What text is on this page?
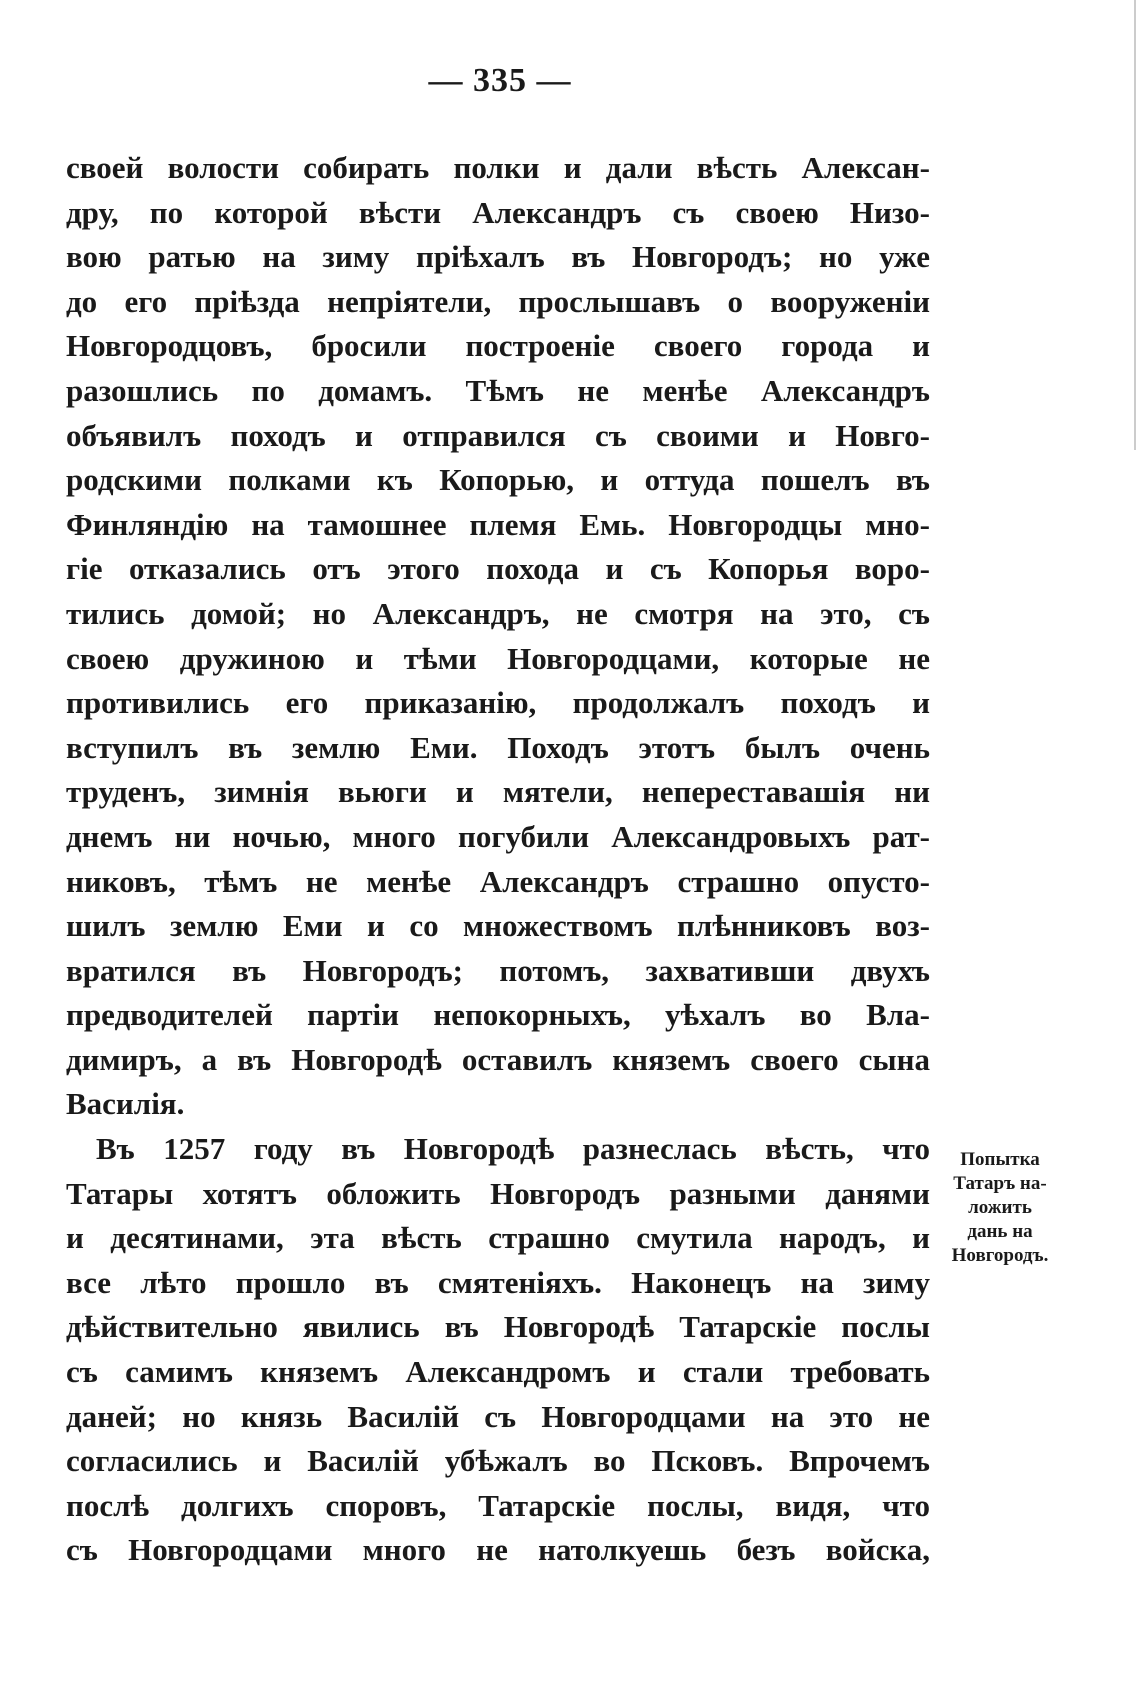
— 335 —
своей волости собирать полки и дали вѣсть Алексан-
дру, по которой вѣсти Александръ съ своею Низо-
вою ратью на зиму пріѣхалъ въ Новгородъ; но уже
до его пріѣзда непріятели, прослышавъ о вооруженіи
Новгородцовъ, бросили построеніе своего города и
разошлись по домамъ. Тѣмъ не менѣе Александръ
объявилъ походъ и отправился съ своими и Новго-
родскими полками къ Копорью, и оттуда пошелъ въ
Финляндію на тамошнее племя Емь. Новгородцы мно-
гіе отказались отъ этого похода и съ Копорья воро-
тились домой; но Александръ, не смотря на это, съ
своею дружиною и тѣми Новгородцами, которые не
противились его приказанію, продолжалъ походъ и
вступилъ въ землю Еми. Походъ этотъ былъ очень
труденъ, зимнія вьюги и мятели, непереставашія ни
днемъ ни ночью, много погубили Александровыхъ рат-
никовъ, тѣмъ не менѣе Александръ страшно опусто-
шилъ землю Еми и со множествомъ плѣнниковъ воз-
вратился въ Новгородъ; потомъ, захвативши двухъ
предводителей партіи непокорныхъ, уѣхалъ во Вла-
димиръ, а въ Новгородѣ оставилъ княземъ своего сына
Василія.
Въ 1257 году въ Новгородѣ разнеслась вѣсть, что
Татары хотятъ обложить Новгородъ разными данями
и десятинами, эта вѣсть страшно смутила народъ, и
все лѣто прошло въ смятеніяхъ. Наконецъ на зиму
дѣйствительно явились въ Новгородѣ Татарскіе послы
съ самимъ княземъ Александромъ и стали требовать
даней; но князь Василій съ Новгородцами на это не
согласились и Василій убѣжалъ во Псковъ. Впрочемъ
послѣ долгихъ споровъ, Татарскіе послы, видя, что
съ Новгородцами много не натолкуешь безъ войска,
Попытка
Татаръ на-
ложить
дань на
Новгородъ.
